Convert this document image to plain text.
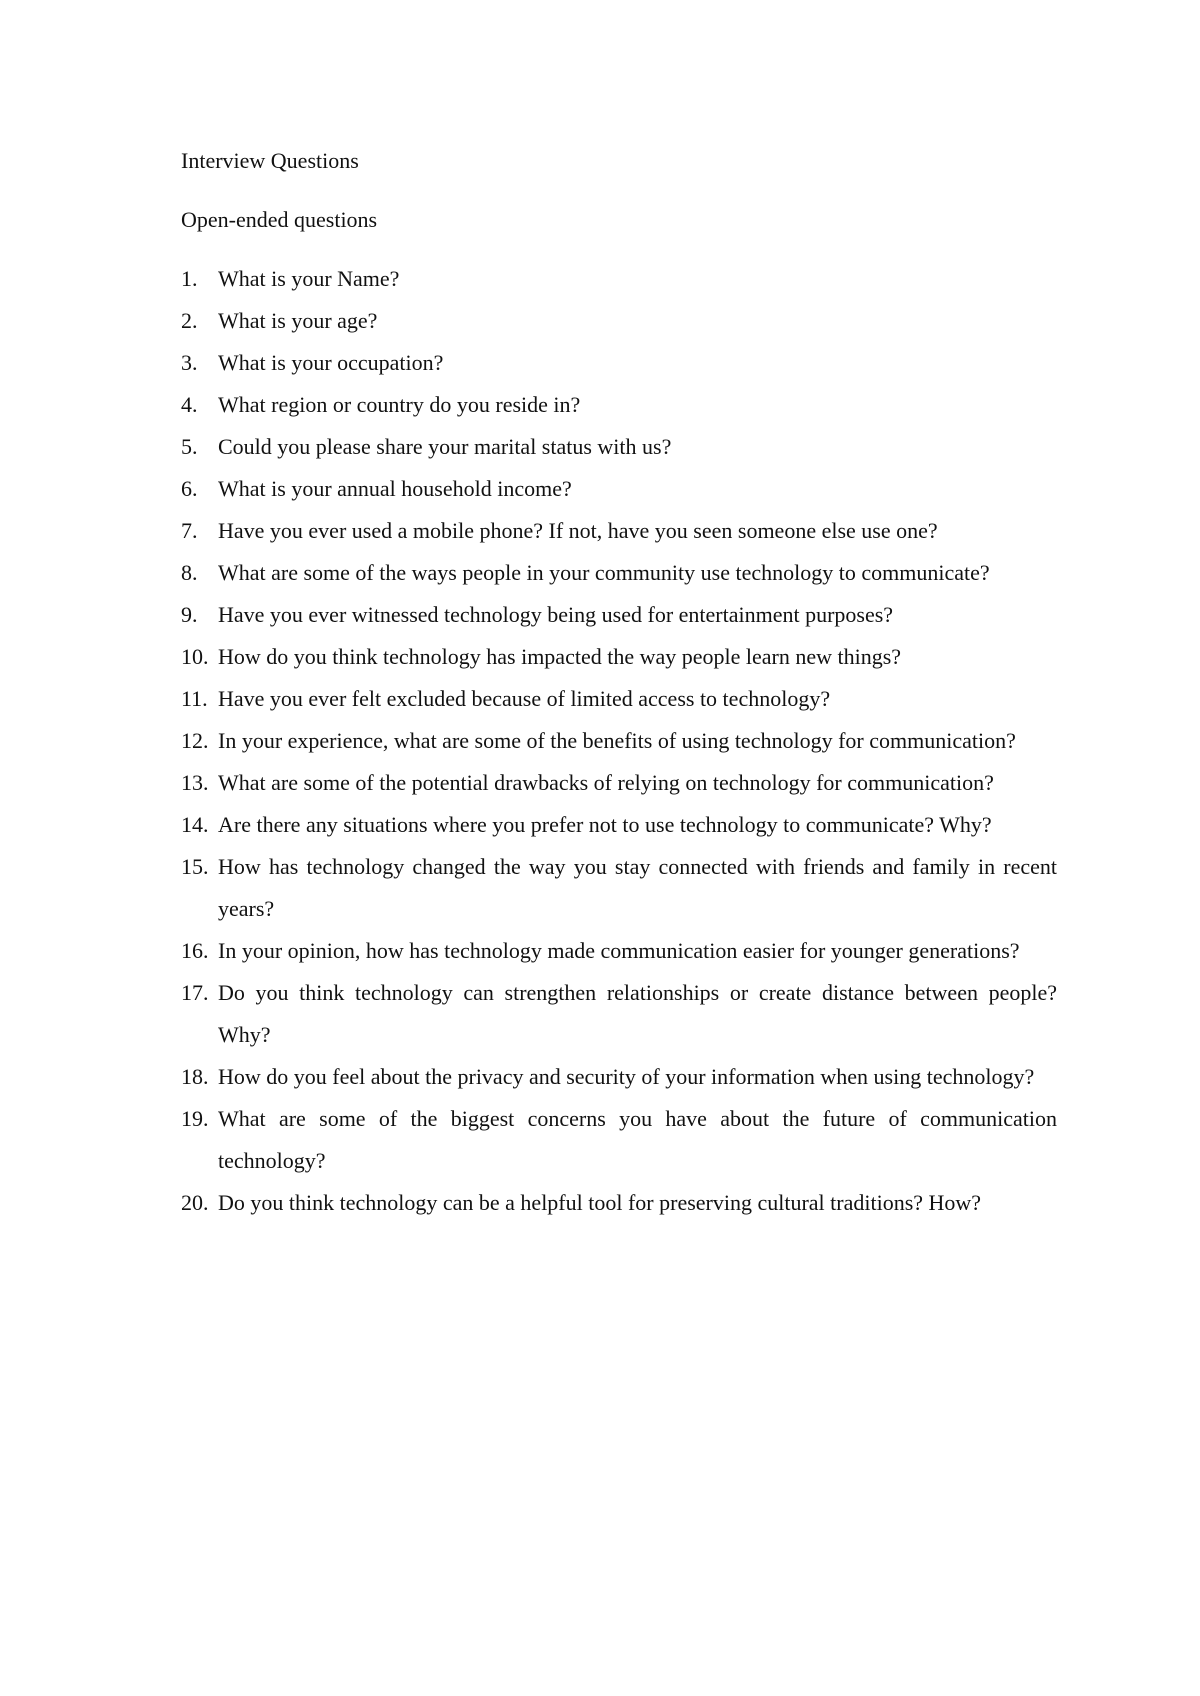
Interview Questions

Open-ended questions

1. What is your Name?
2. What is your age?
3. What is your occupation?
4. What region or country do you reside in?
5. Could you please share your marital status with us?
6. What is your annual household income?
7. Have you ever used a mobile phone? If not, have you seen someone else use one?
8. What are some of the ways people in your community use technology to communicate?
9. Have you ever witnessed technology being used for entertainment purposes?
10. How do you think technology has impacted the way people learn new things?
11. Have you ever felt excluded because of limited access to technology?
12. In your experience, what are some of the benefits of using technology for communication?
13. What are some of the potential drawbacks of relying on technology for communication?
14. Are there any situations where you prefer not to use technology to communicate? Why?
15. How has technology changed the way you stay connected with friends and family in recent years?
16. In your opinion, how has technology made communication easier for younger generations?
17. Do you think technology can strengthen relationships or create distance between people? Why?
18. How do you feel about the privacy and security of your information when using technology?
19. What are some of the biggest concerns you have about the future of communication technology?
20. Do you think technology can be a helpful tool for preserving cultural traditions? How?
